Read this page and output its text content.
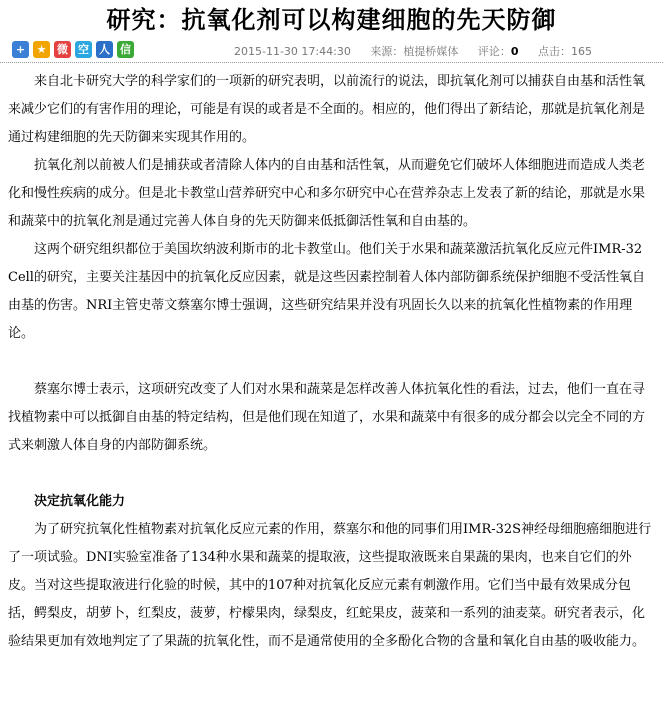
研究：抗氧化剂可以构建细胞的先天防御
+	★ 微 空 人 信	2015-11-30 17:44:30 来源：植提桥媒体 评论：0 点击：165

来自北卡研究大学的科学家们的一项新的研究表明，以前流行的说法，即抗氧化剂可以捕获自由基和活性氧来减少它们的有害作用的理论，可能是有误的或者是不全面的。相应的，他们得出了新结论，那就是抗氧化剂是通过构建细胞的先天防御来实现其作用的。

抗氧化剂以前被人们是捕获或者清除人体内的自由基和活性氧，从而避免它们破坏人体细胞进而造成人类老化和慢性疾病的成分。但是北卡教堂山营养研究中心和多尔研究中心在营养杂志上发表了新的结论，那就是水果和蔬菜中的抗氧化剂是通过完善人体自身的先天防御来低抵御活性氧和自由基的。

这两个研究组织都位于美国坎纳波利斯市的北卡教堂山。他们关于水果和蔬菜激活抗氧化反应元件IMR-32 Cell的研究，主要关注基因中的抗氧化反应因素，就是这些因素控制着人体内部防御系统保护细胞不受活性氧自由基的伤害。NRI主管史蒂文蔡塞尔博士强调，这些研究结果并没有巩固长久以来的抗氧化性植物素的作用理论。

蔡塞尔博士表示，这项研究改变了人们对水果和蔬菜是怎样改善人体抗氧化性的看法，过去，他们一直在寻找植物素中可以抵御自由基的特定结构，但是他们现在知道了，水果和蔬菜中有很多的成分都会以完全不同的方式来刺激人体自身的内部防御系统。

决定抗氧化能力

为了研究抗氧化性植物素对抗氧化反应元素的作用，蔡塞尔和他的同事们用IMR-32S神经母细胞癌细胞进行了一项试验。DNI实验室准备了134种水果和蔬菜的提取液，这些提取液既来自果蔬的果肉，也来自它们的外皮。当对这些提取液进行化验的时候，其中的107种对抗氧化反应元素有刺激作用。它们当中最有效果成分包括，鳄梨皮，胡萝卜，红梨皮，菠萝，柠檬果肉，绿梨皮，红蛇果皮，菠菜和一系列的油麦菜。研究者表示，化验结果更加有效地判定了了果蔬的抗氧化性，而不是通常使用的全多酚化合物的含量和氧化自由基的吸收能力。
